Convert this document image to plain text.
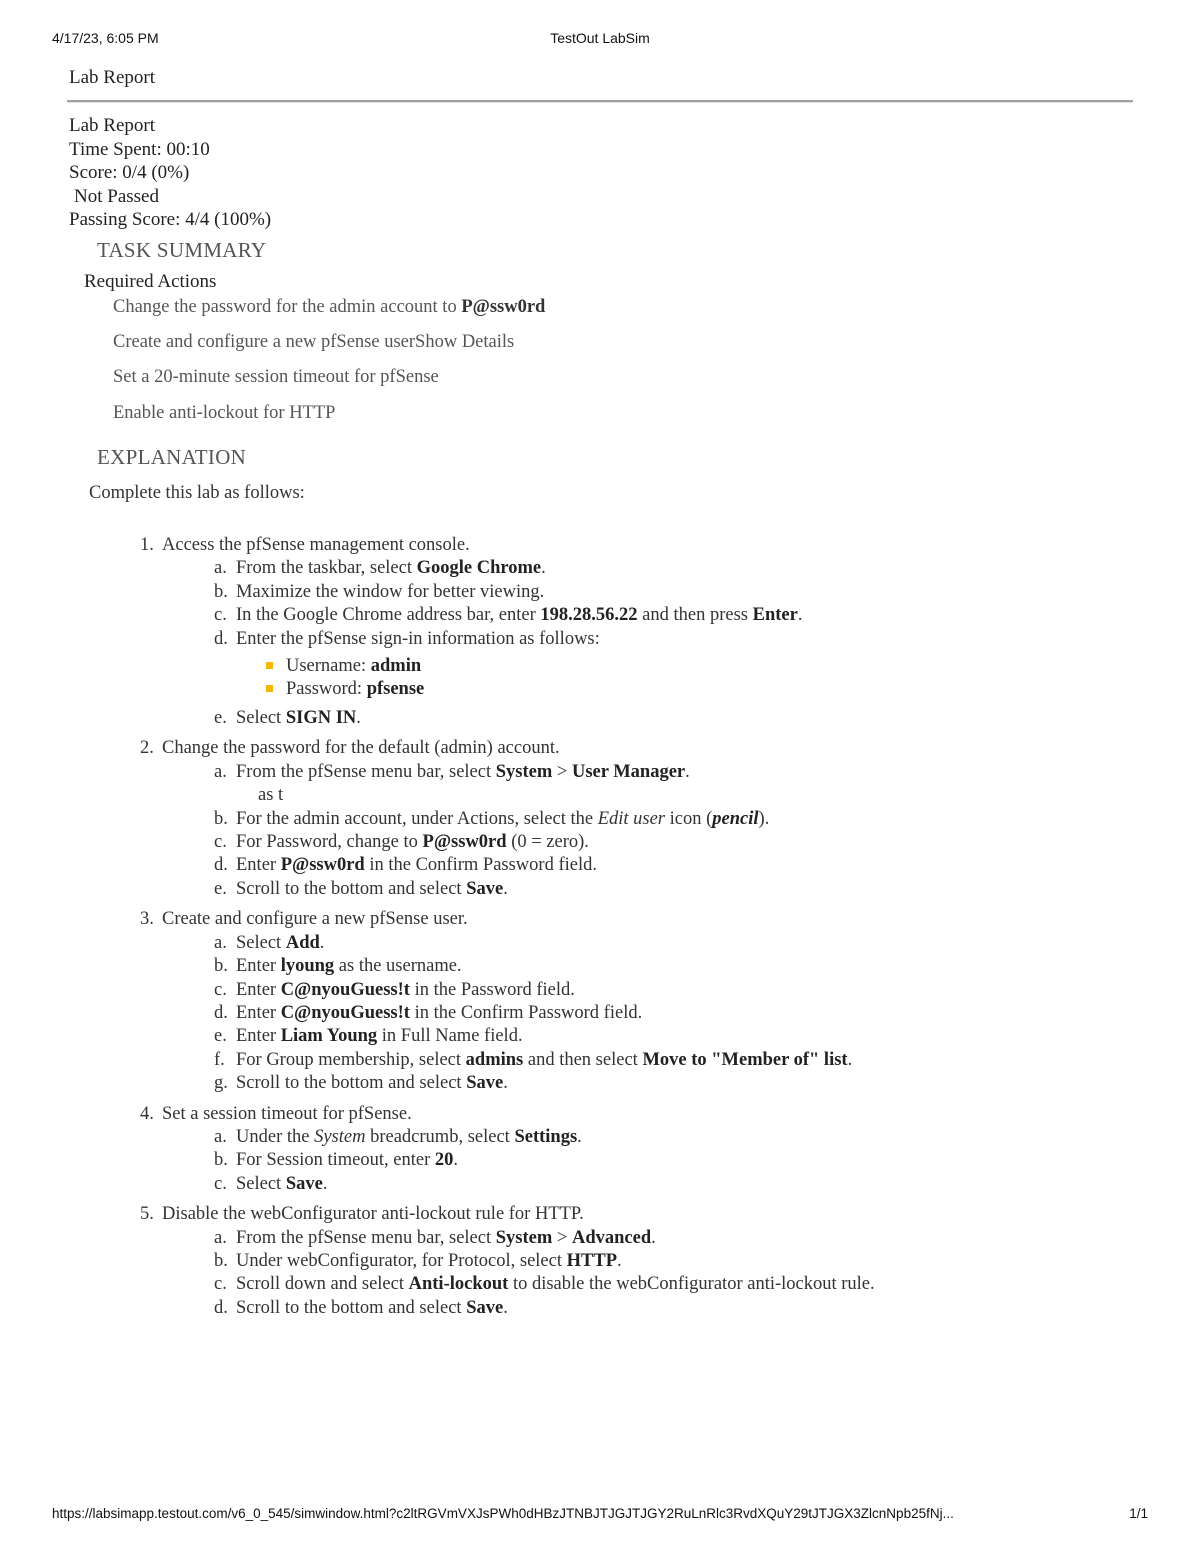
4/17/23, 6:05 PM	TestOut LabSim
Lab Report
Lab Report
Time Spent: 00:10
Score: 0/4 (0%)
Not Passed
Passing Score: 4/4 (100%)
TASK SUMMARY
Required Actions
Change the password for the admin account to P@ssw0rd
Create and configure a new pfSense userShow Details
Set a 20-minute session timeout for pfSense
Enable anti-lockout for HTTP
EXPLANATION
Complete this lab as follows:
1. Access the pfSense management console.
a. From the taskbar, select Google Chrome.
b. Maximize the window for better viewing.
c. In the Google Chrome address bar, enter 198.28.56.22 and then press Enter.
d. Enter the pfSense sign-in information as follows:
Username: admin
Password: pfsense
e. Select SIGN IN.
2. Change the password for the default (admin) account.
a. From the pfSense menu bar, select System > User Manager.
as t
b. For the admin account, under Actions, select the Edit user icon (pencil).
c. For Password, change to P@ssw0rd (0 = zero).
d. Enter P@ssw0rd in the Confirm Password field.
e. Scroll to the bottom and select Save.
3. Create and configure a new pfSense user.
a. Select Add.
b. Enter lyoung as the username.
c. Enter C@nyouGuess!t in the Password field.
d. Enter C@nyouGuess!t in the Confirm Password field.
e. Enter Liam Young in Full Name field.
f. For Group membership, select admins and then select Move to "Member of" list.
g. Scroll to the bottom and select Save.
4. Set a session timeout for pfSense.
a. Under the System breadcrumb, select Settings.
b. For Session timeout, enter 20.
c. Select Save.
5. Disable the webConfigurator anti-lockout rule for HTTP.
a. From the pfSense menu bar, select System > Advanced.
b. Under webConfigurator, for Protocol, select HTTP.
c. Scroll down and select Anti-lockout to disable the webConfigurator anti-lockout rule.
d. Scroll to the bottom and select Save.
https://labsimapp.testout.com/v6_0_545/simwindow.html?c2ltRGVmVXJsPWh0dHBzJTNBJTJGJTJGY2RuLnRlc3RvdXQuY29tJTJGX3ZlcnNpb25fNj...	1/1
